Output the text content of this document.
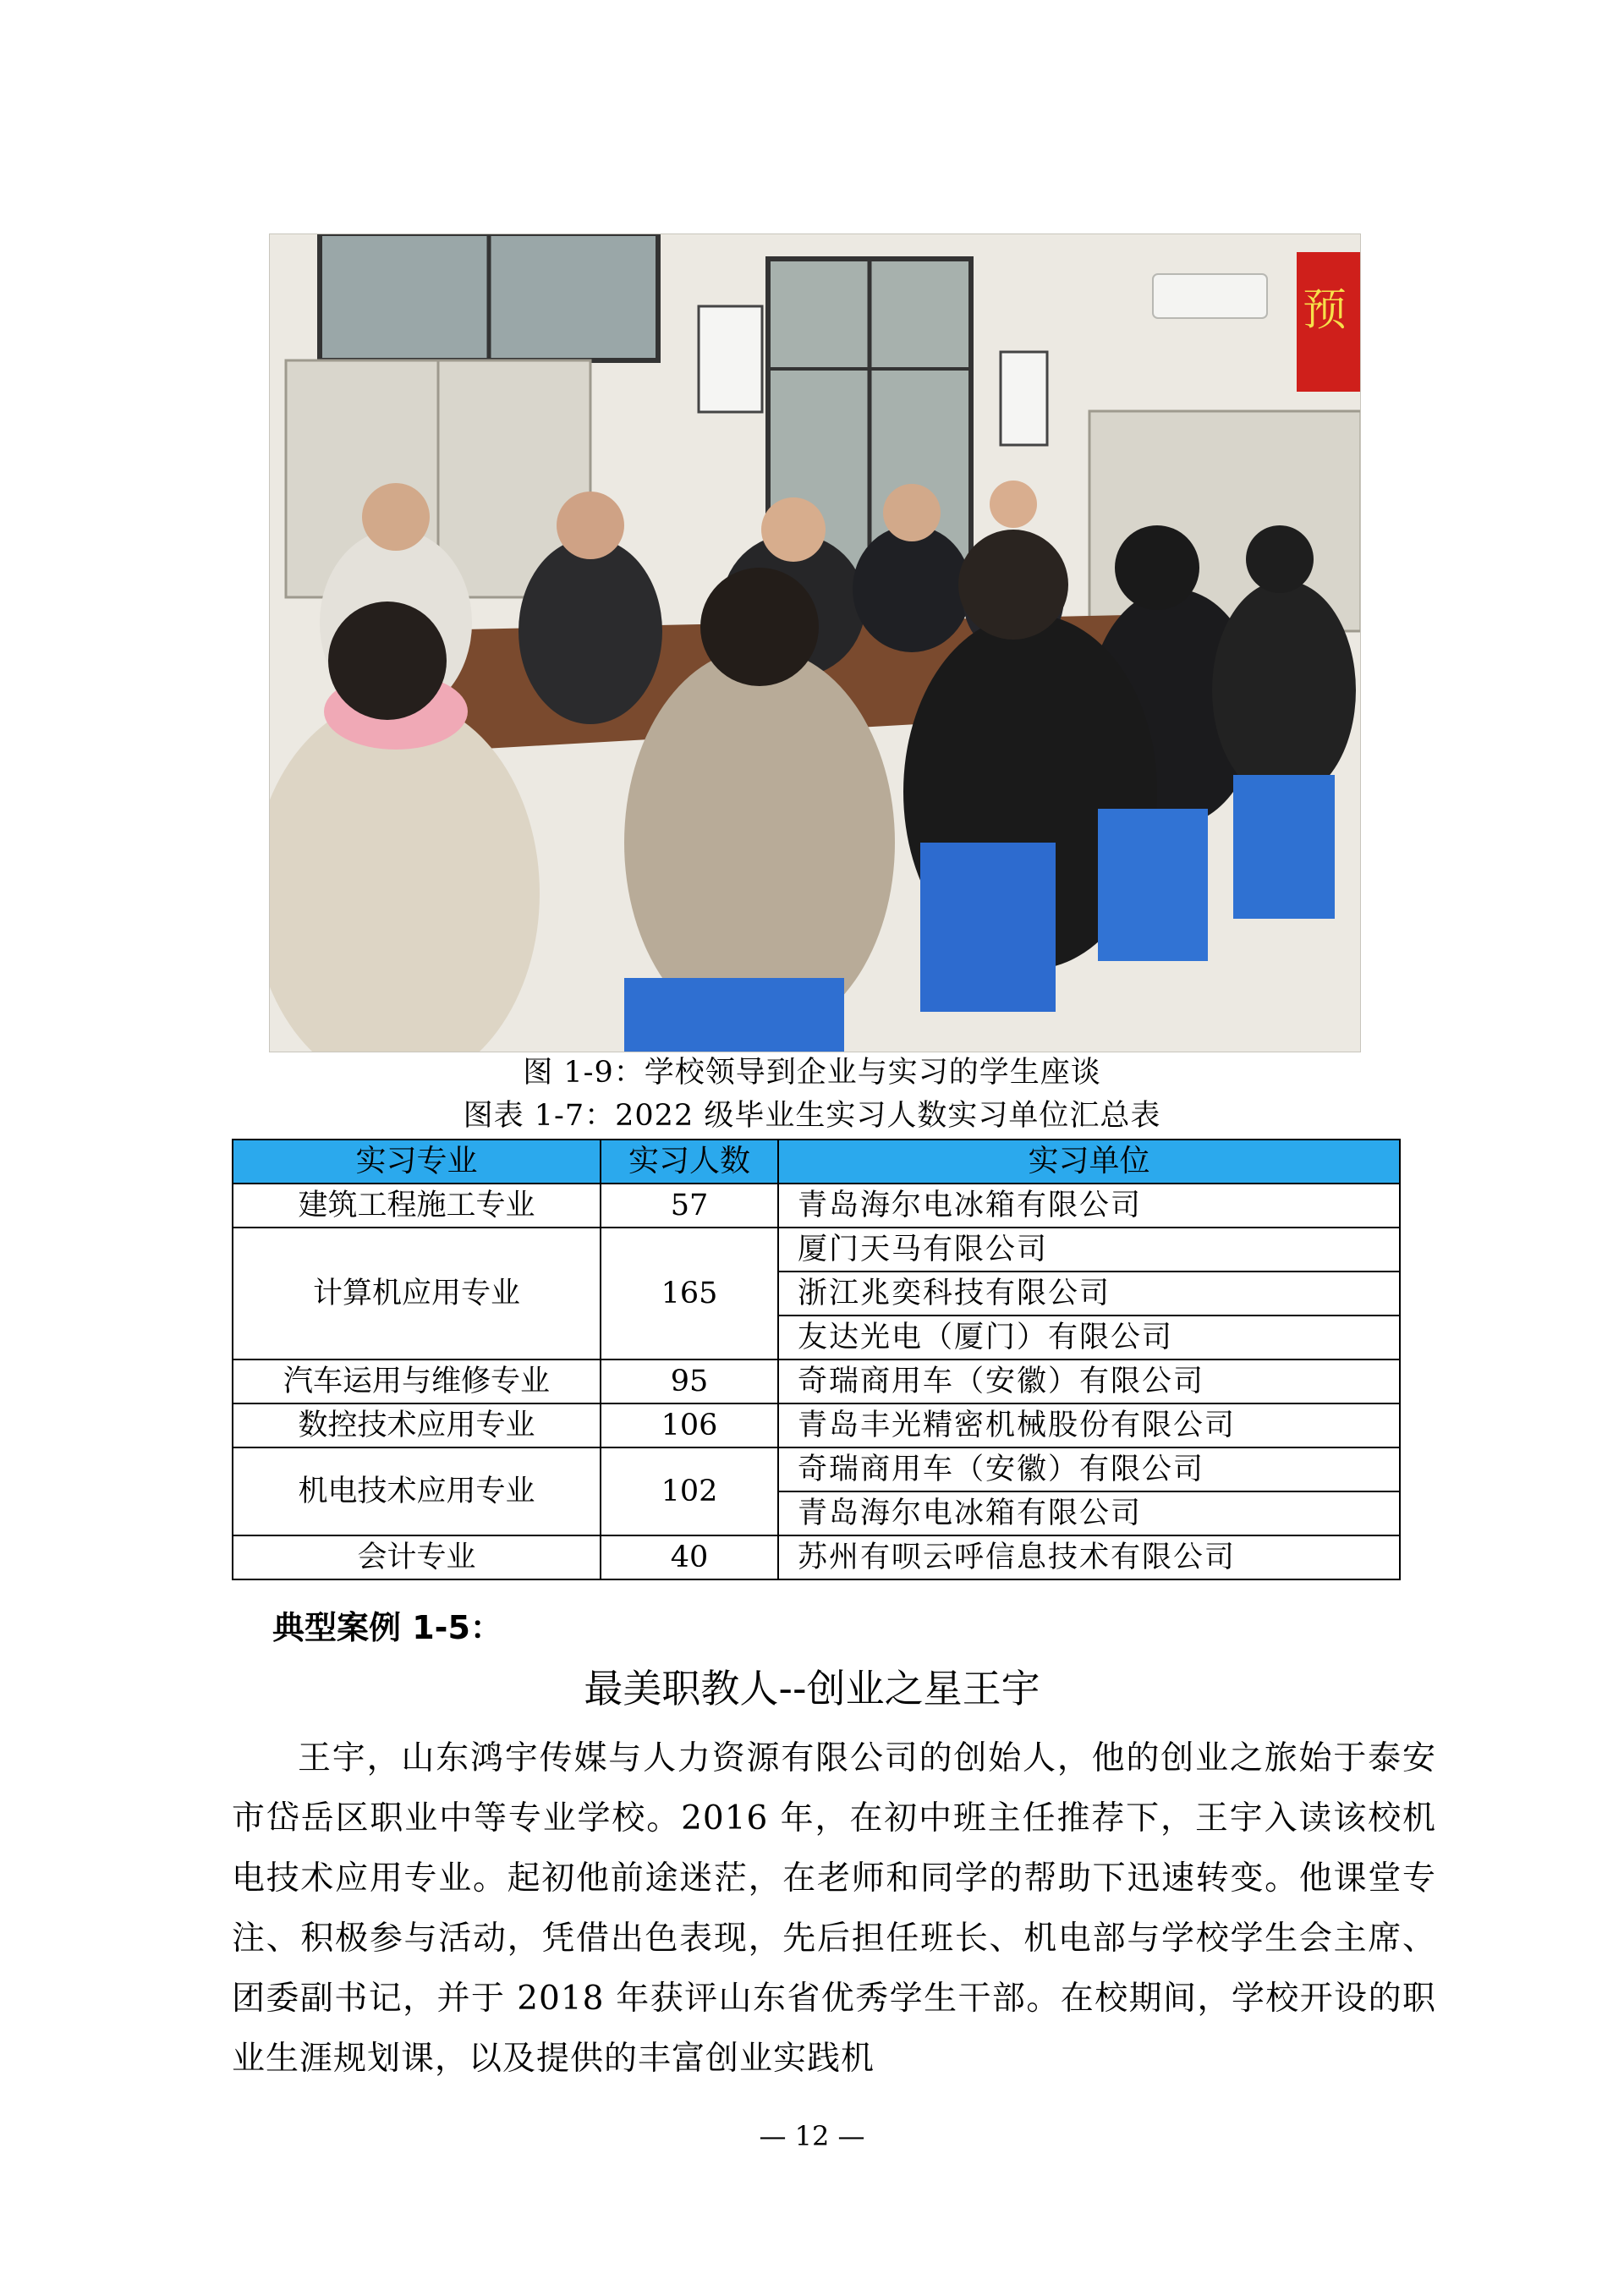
预
图 1-9：学校领导到企业与实习的学生座谈
图表 1-7：2022 级毕业生实习人数实习单位汇总表
实习专业	实习人数	实习单位
建筑工程施工专业	57	青岛海尔电冰箱有限公司
计算机应用专业	165	厦门天马有限公司
		浙江兆奕科技有限公司
		友达光电（厦门）有限公司
汽车运用与维修专业	95	奇瑞商用车（安徽）有限公司
数控技术应用专业	106	青岛丰光精密机械股份有限公司
机电技术应用专业	102	奇瑞商用车（安徽）有限公司
		青岛海尔电冰箱有限公司
会计专业	40	苏州有呗云呼信息技术有限公司
典型案例 1-5：
最美职教人--创业之星王宇

王宇，山东鸿宇传媒与人力资源有限公司的创始人，他的创业之旅始于泰安市岱岳区职业中等专业学校。2016 年，在初中班主任推荐下，王宇入读该校机电技术应用专业。起初他前途迷茫，在老师和同学的帮助下迅速转变。他课堂专注、积极参与活动，凭借出色表现，先后担任班长、机电部与学校学生会主席、团委副书记，并于 2018 年获评山东省优秀学生干部。在校期间，学校开设的职业生涯规划课，以及提供的丰富创业实践机

— 12 —
